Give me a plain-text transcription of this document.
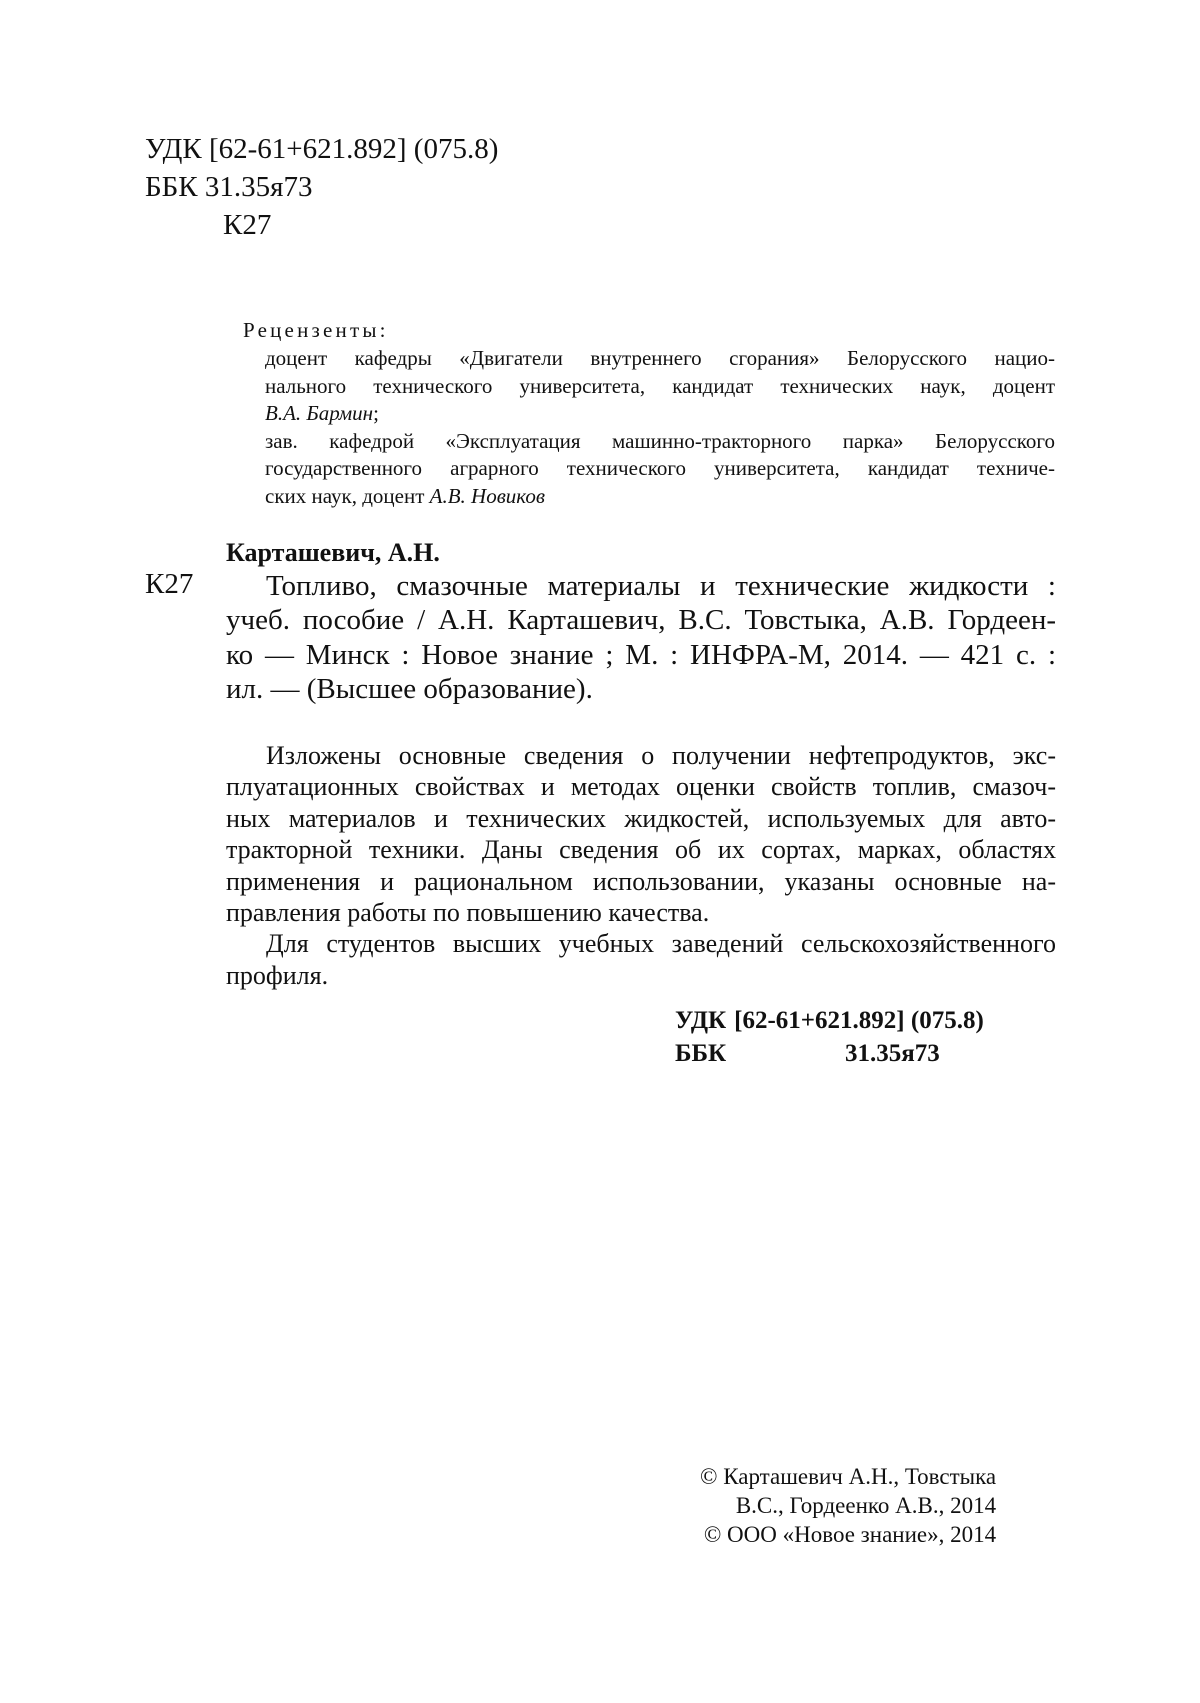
УДК [62-61+621.892] (075.8)
ББК 31.35я73
К27
Рецензенты:
доцент кафедры «Двигатели внутреннего сгорания» Белорусского нацио-
нального технического университета, кандидат технических наук, доцент
В.А. Бармин;
зав. кафедрой «Эксплуатация машинно-тракторного парка» Белорусского
государственного аграрного технического университета, кандидат техниче-
ских наук, доцент А.В. Новиков
Карташевич, А.Н.
К27	Топливо, смазочные материалы и технические жидкости :
учеб. пособие / А.Н. Карташевич, В.С. Товстыка, А.В. Гордеен-
ко — Минск : Новое знание ; М. : ИНФРА-М, 2014. — 421 с. :
ил. — (Высшее образование).
Изложены основные сведения о получении нефтепродуктов, экс-
плуатационных свойствах и методах оценки свойств топлив, смазоч-
ных материалов и технических жидкостей, используемых для авто-
тракторной техники. Даны сведения об их сортах, марках, областях
применения и рациональном использовании, указаны основные на-
правления работы по повышению качества.
Для студентов высших учебных заведений сельскохозяйственного
профиля.
УДК [62-61+621.892] (075.8)
ББК	31.35я73
© Карташевич А.Н., Товстыка
В.С., Гордеенко А.В., 2014
© ООО «Новое знание», 2014
